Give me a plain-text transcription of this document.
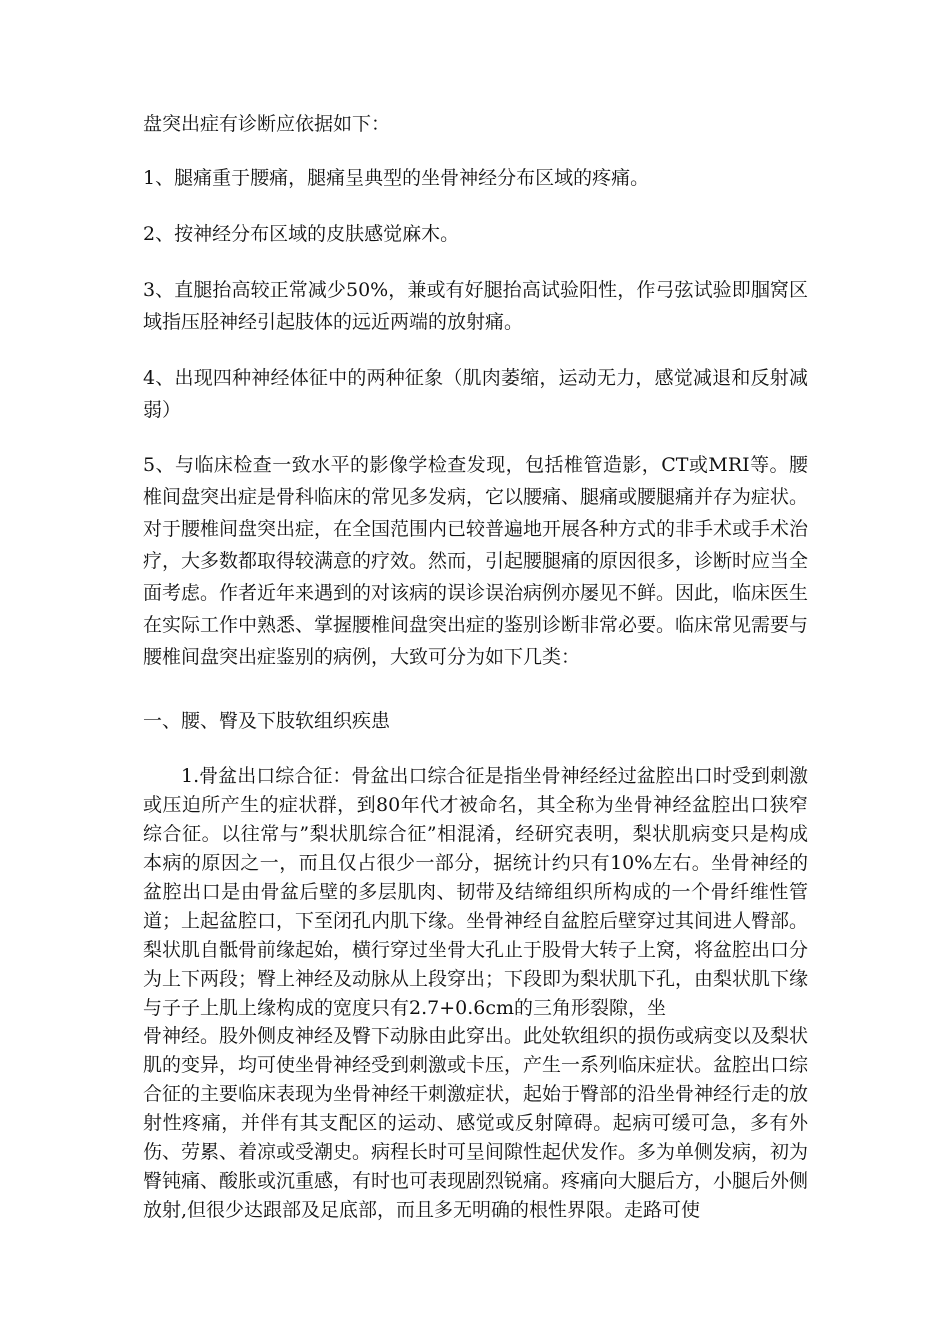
盘突出症有诊断应依据如下：

1、腿痛重于腰痛，腿痛呈典型的坐骨神经分布区域的疼痛。

2、按神经分布区域的皮肤感觉麻木。

3、直腿抬高较正常减少50%，兼或有好腿抬高试验阳性，作弓弦试验即腘窝区域指压胫神经引起肢体的远近两端的放射痛。

4、出现四种神经体征中的两种征象（肌肉萎缩，运动无力，感觉减退和反射减弱）

5、与临床检查一致水平的影像学检查发现，包括椎管造影，CT或MRI等。腰椎间盘突出症是骨科临床的常见多发病，它以腰痛、腿痛或腰腿痛并存为症状。对于腰椎间盘突出症，在全国范围内已较普遍地开展各种方式的非手术或手术治疗，大多数都取得较满意的疗效。然而，引起腰腿痛的原因很多，诊断时应当全面考虑。作者近年来遇到的对该病的误诊误治病例亦屡见不鲜。因此，临床医生在实际工作中熟悉、掌握腰椎间盘突出症的鉴别诊断非常必要。临床常见需要与腰椎间盘突出症鉴别的病例，大致可分为如下几类：

一、腰、臀及下肢软组织疾患

1.骨盆出口综合征：骨盆出口综合征是指坐骨神经经过盆腔出口时受到刺激或压迫所产生的症状群，到80年代才被命名，其全称为坐骨神经盆腔出口狭窄综合征。以往常与”梨状肌综合征”相混淆，经研究表明，梨状肌病变只是构成本病的原因之一，而且仅占很少一部分，据统计约只有10%左右。坐骨神经的盆腔出口是由骨盆后壁的多层肌肉、韧带及结缔组织所构成的一个骨纤维性管道；上起盆腔口，下至闭孔内肌下缘。坐骨神经自盆腔后壁穿过其间进人臀部。梨状肌自骶骨前缘起始，横行穿过坐骨大孔止于股骨大转子上窝，将盆腔出口分为上下两段；臀上神经及动脉从上段穿出；下段即为梨状肌下孔，由梨状肌下缘与子子上肌上缘构成的宽度只有2.7+0.6cm的三角形裂隙，坐

骨神经。股外侧皮神经及臀下动脉由此穿出。此处软组织的损伤或病变以及梨状肌的变异，均可使坐骨神经受到刺激或卡压，产生一系列临床症状。盆腔出口综合征的主要临床表现为坐骨神经干刺激症状，起始于臀部的沿坐骨神经行走的放射性疼痛，并伴有其支配区的运动、感觉或反射障碍。起病可缓可急，多有外伤、劳累、着凉或受潮史。病程长时可呈间隙性起伏发作。多为单侧发病，初为臀钝痛、酸胀或沉重感，有时也可表现剧烈锐痛。疼痛向大腿后方，小腿后外侧放射,但很少达跟部及足底部，而且多无明确的根性界限。走路可使
